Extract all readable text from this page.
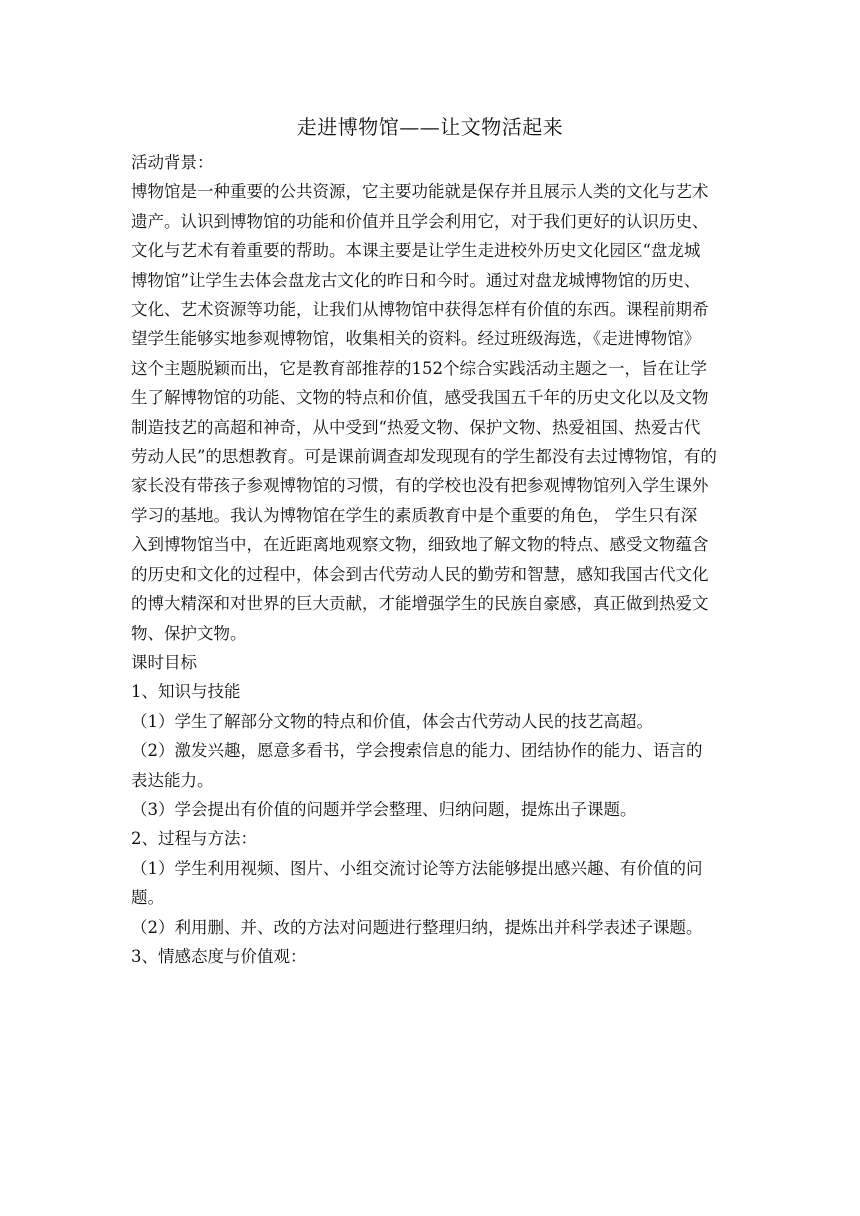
走进博物馆——让文物活起来

活动背景：

博物馆是一种重要的公共资源，它主要功能就是保存并且展示人类的文化与艺术

遗产。认识到博物馆的功能和价值并且学会利用它，对于我们更好的认识历史、

文化与艺术有着重要的帮助。本课主要是让学生走进校外历史文化园区“盘龙城

博物馆”让学生去体会盘龙古文化的昨日和今时。通过对盘龙城博物馆的历史、

文化、艺术资源等功能，让我们从博物馆中获得怎样有价值的东西。课程前期希

望学生能够实地参观博物馆，收集相关的资料。经过班级海选，《走进博物馆》

这个主题脱颖而出，它是教育部推荐的152个综合实践活动主题之一，旨在让学

生了解博物馆的功能、文物的特点和价值，感受我国五千年的历史文化以及文物

制造技艺的高超和神奇，从中受到“热爱文物、保护文物、热爱祖国、热爱古代

劳动人民”的思想教育。可是课前调查却发现现有的学生都没有去过博物馆，有的

家长没有带孩子参观博物馆的习惯，有的学校也没有把参观博物馆列入学生课外

学习的基地。我认为博物馆在学生的素质教育中是个重要的角色， 学生只有深

入到博物馆当中，在近距离地观察文物，细致地了解文物的特点、感受文物蕴含

的历史和文化的过程中，体会到古代劳动人民的勤劳和智慧，感知我国古代文化

的博大精深和对世界的巨大贡献，才能增强学生的民族自豪感，真正做到热爱文

物、保护文物。

课时目标

1、知识与技能

（1）学生了解部分文物的特点和价值，体会古代劳动人民的技艺高超。

（2）激发兴趣，愿意多看书，学会搜索信息的能力、团结协作的能力、语言的

表达能力。

（3）学会提出有价值的问题并学会整理、归纳问题，提炼出子课题。

2、过程与方法：

（1）学生利用视频、图片、小组交流讨论等方法能够提出感兴趣、有价值的问

题。

（2）利用删、并、改的方法对问题进行整理归纳，提炼出并科学表述子课题。

3、情感态度与价值观：
